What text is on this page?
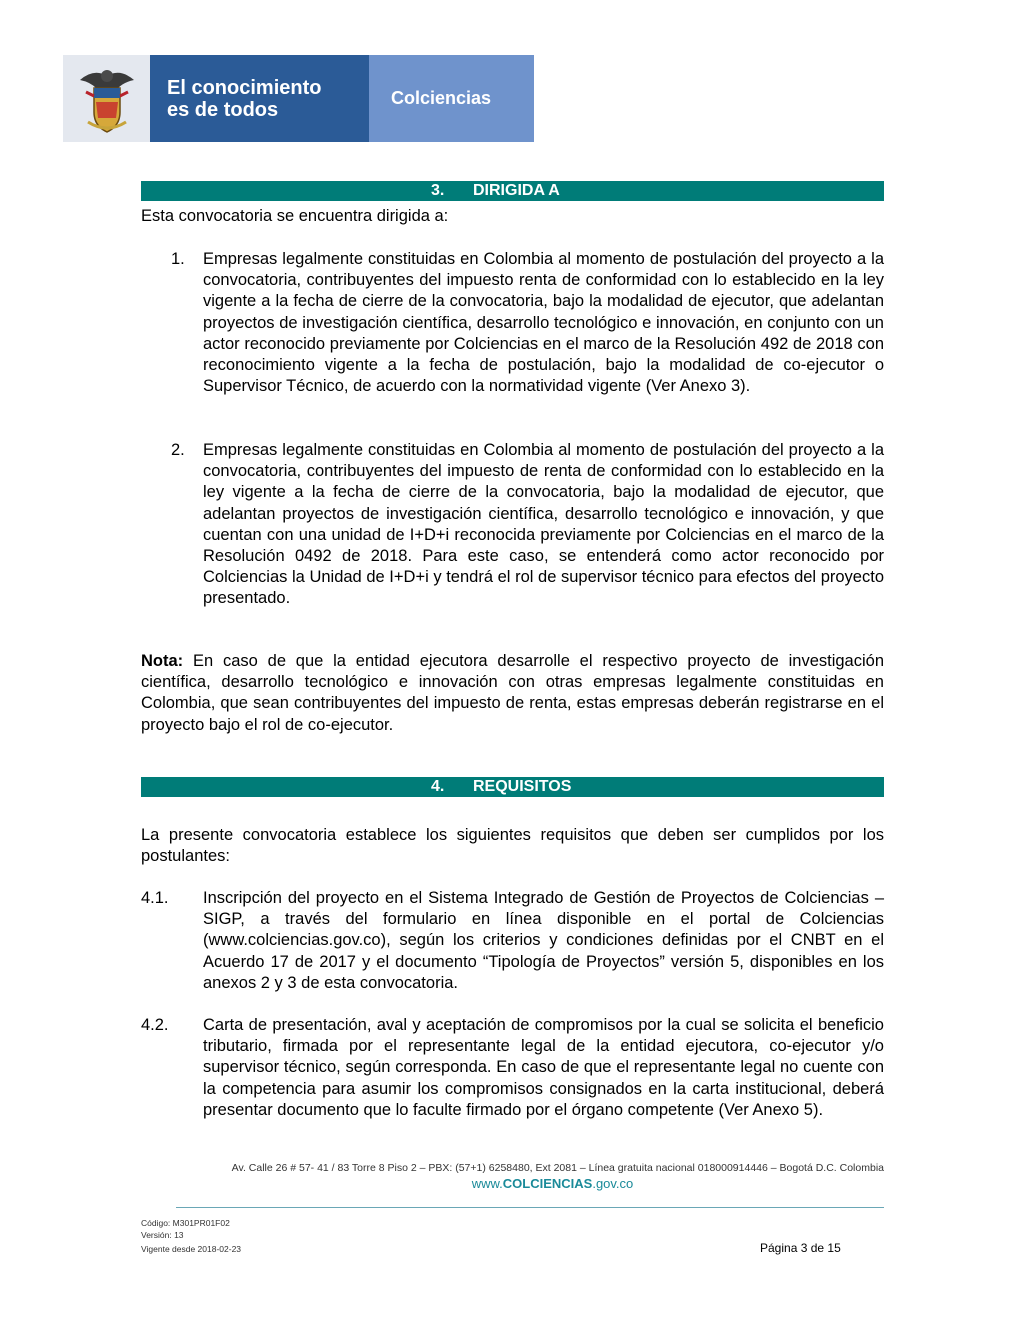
El conocimiento
es de todos
Colciencias
3. DIRIGIDA A
Esta convocatoria se encuentra dirigida a:
1. Empresas legalmente constituidas en Colombia al momento de postulación del proyecto a la convocatoria, contribuyentes del impuesto renta de conformidad con lo establecido en la ley vigente a la fecha de cierre de la convocatoria, bajo la modalidad de ejecutor, que adelantan proyectos de investigación científica, desarrollo tecnológico e innovación, en conjunto con un actor reconocido previamente por Colciencias en el marco de la Resolución 492 de 2018 con reconocimiento vigente a la fecha de postulación, bajo la modalidad de co-ejecutor o Supervisor Técnico, de acuerdo con la normatividad vigente (Ver Anexo 3).
2. Empresas legalmente constituidas en Colombia al momento de postulación del proyecto a la convocatoria, contribuyentes del impuesto de renta de conformidad con lo establecido en la ley vigente a la fecha de cierre de la convocatoria, bajo la modalidad de ejecutor, que adelantan proyectos de investigación científica, desarrollo tecnológico e innovación, y que cuentan con una unidad de I+D+i reconocida previamente por Colciencias en el marco de la Resolución 0492 de 2018. Para este caso, se entenderá como actor reconocido por Colciencias la Unidad de I+D+i y tendrá el rol de supervisor técnico para efectos del proyecto presentado.
Nota: En caso de que la entidad ejecutora desarrolle el respectivo proyecto de investigación científica, desarrollo tecnológico e innovación con otras empresas legalmente constituidas en Colombia, que sean contribuyentes del impuesto de renta, estas empresas deberán registrarse en el proyecto bajo el rol de co-ejecutor.
4. REQUISITOS
La presente convocatoria establece los siguientes requisitos que deben ser cumplidos por los postulantes:
4.1. Inscripción del proyecto en el Sistema Integrado de Gestión de Proyectos de Colciencias – SIGP, a través del formulario en línea disponible en el portal de Colciencias (www.colciencias.gov.co), según los criterios y condiciones definidas por el CNBT en el Acuerdo 17 de 2017 y el documento “Tipología de Proyectos” versión 5, disponibles en los anexos 2 y 3 de esta convocatoria.
4.2. Carta de presentación, aval y aceptación de compromisos por la cual se solicita el beneficio tributario, firmada por el representante legal de la entidad ejecutora, co-ejecutor y/o supervisor técnico, según corresponda. En caso de que el representante legal no cuente con la competencia para asumir los compromisos consignados en la carta institucional, deberá presentar documento que lo faculte firmado por el órgano competente (Ver Anexo 5).
Av. Calle 26 # 57- 41 / 83 Torre 8 Piso 2 – PBX: (57+1) 6258480, Ext 2081 – Línea gratuita nacional 018000914446 – Bogotá D.C. Colombia
www.COLCIENCIAS.gov.co
Código: M301PR01F02
Versión: 13
Vigente desde 2018-02-23	Página 3 de 15
